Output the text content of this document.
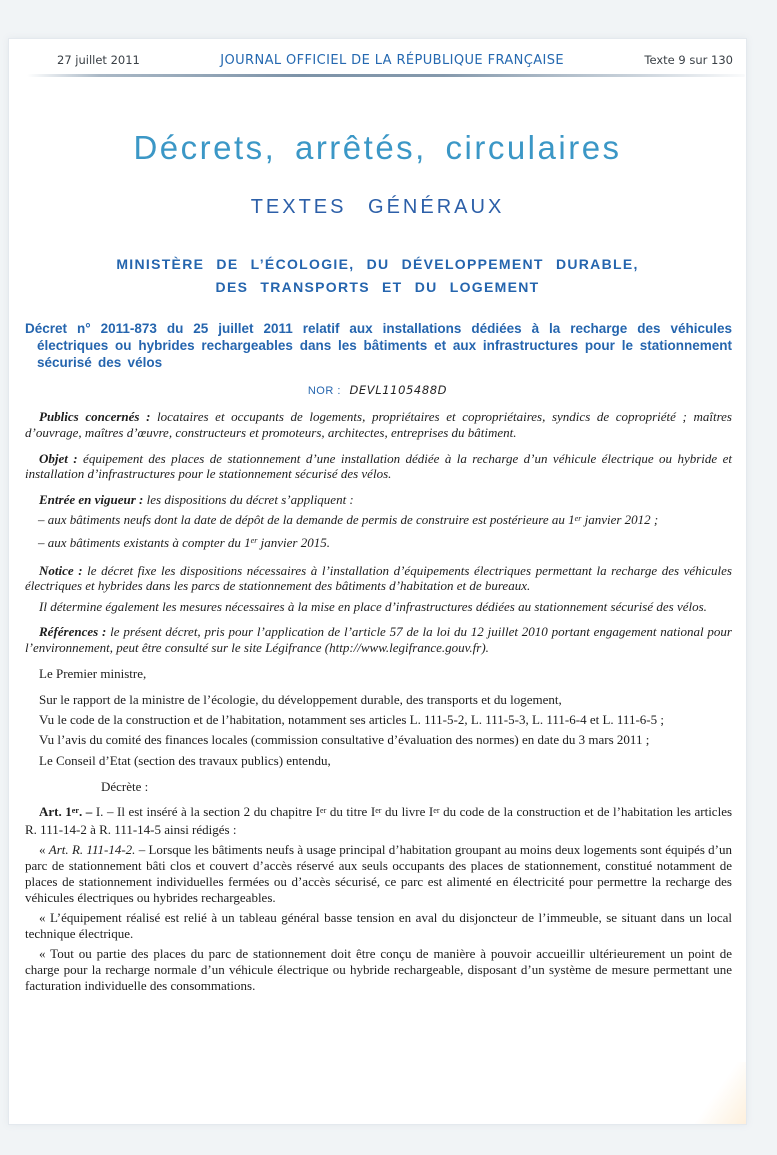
27 juillet 2011	JOURNAL OFFICIEL DE LA RÉPUBLIQUE FRANÇAISE	Texte 9 sur 130
Décrets, arrêtés, circulaires
TEXTES GÉNÉRAUX
MINISTÈRE DE L’ÉCOLOGIE, DU DÉVELOPPEMENT DURABLE,
DES TRANSPORTS ET DU LOGEMENT

Décret n° 2011-873 du 25 juillet 2011 relatif aux installations dédiées à la recharge des véhicules électriques ou hybrides rechargeables dans les bâtiments et aux infrastructures pour le stationnement sécurisé des vélos

NOR : DEVL1105488D

Publics concernés : locataires et occupants de logements, propriétaires et copropriétaires, syndics de copropriété ; maîtres d’ouvrage, maîtres d’œuvre, constructeurs et promoteurs, architectes, entreprises du bâtiment.

Objet : équipement des places de stationnement d’une installation dédiée à la recharge d’un véhicule électrique ou hybride et installation d’infrastructures pour le stationnement sécurisé des vélos.

Entrée en vigueur : les dispositions du décret s’appliquent :

– aux bâtiments neufs dont la date de dépôt de la demande de permis de construire est postérieure au 1er janvier 2012 ;

– aux bâtiments existants à compter du 1er janvier 2015.

Notice : le décret fixe les dispositions nécessaires à l’installation d’équipements électriques permettant la recharge des véhicules électriques et hybrides dans les parcs de stationnement des bâtiments d’habitation et de bureaux.

Il détermine également les mesures nécessaires à la mise en place d’infrastructures dédiées au stationnement sécurisé des vélos.

Références : le présent décret, pris pour l’application de l’article 57 de la loi du 12 juillet 2010 portant engagement national pour l’environnement, peut être consulté sur le site Légifrance (http://www.legifrance.gouv.fr).

Le Premier ministre,

Sur le rapport de la ministre de l’écologie, du développement durable, des transports et du logement,

Vu le code de la construction et de l’habitation, notamment ses articles L. 111-5-2, L. 111-5-3, L. 111-6-4 et L. 111-6-5 ;

Vu l’avis du comité des finances locales (commission consultative d’évaluation des normes) en date du 3 mars 2011 ;

Le Conseil d’Etat (section des travaux publics) entendu,

Décrète :

Art. 1er. – I. – Il est inséré à la section 2 du chapitre Ier du titre Ier du livre Ier du code de la construction et de l’habitation les articles R. 111-14-2 à R. 111-14-5 ainsi rédigés :

« Art. R. 111-14-2. – Lorsque les bâtiments neufs à usage principal d’habitation groupant au moins deux logements sont équipés d’un parc de stationnement bâti clos et couvert d’accès réservé aux seuls occupants des places de stationnement, constitué notamment de places de stationnement individuelles fermées ou d’accès sécurisé, ce parc est alimenté en électricité pour permettre la recharge des véhicules électriques ou hybrides rechargeables.

« L’équipement réalisé est relié à un tableau général basse tension en aval du disjoncteur de l’immeuble, se situant dans un local technique électrique.

« Tout ou partie des places du parc de stationnement doit être conçu de manière à pouvoir accueillir ultérieurement un point de charge pour la recharge normale d’un véhicule électrique ou hybride rechargeable, disposant d’un système de mesure permettant une facturation individuelle des consommations.
